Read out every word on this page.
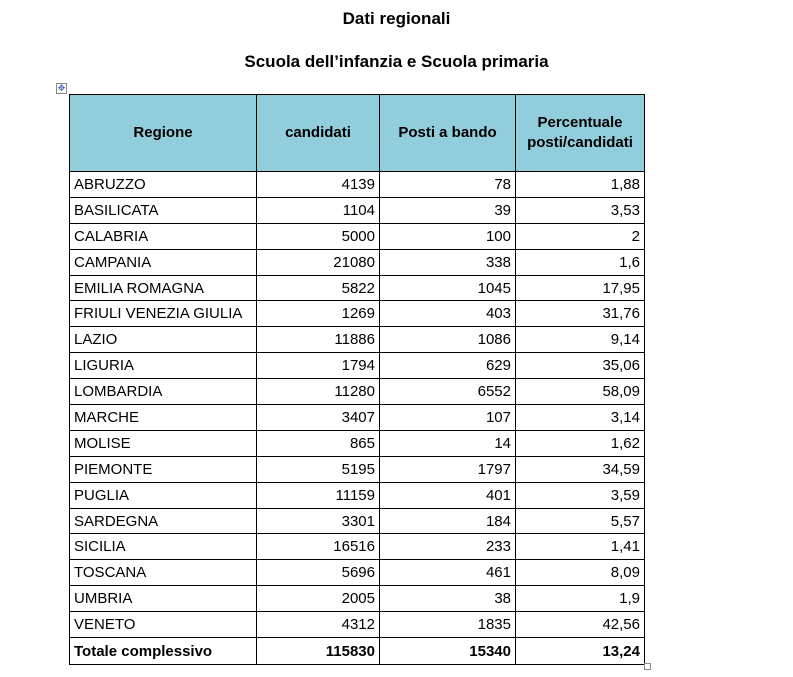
Dati regionali
Scuola dell’infanzia e Scuola primaria
✥
Regione	candidati	Posti a bando	Percentuale posti/candidati
ABRUZZO	4139	78	1,88
BASILICATA	1104	39	3,53
CALABRIA	5000	100	2
CAMPANIA	21080	338	1,6
EMILIA ROMAGNA	5822	1045	17,95
FRIULI VENEZIA GIULIA	1269	403	31,76
LAZIO	11886	1086	9,14
LIGURIA	1794	629	35,06
LOMBARDIA	11280	6552	58,09
MARCHE	3407	107	3,14
MOLISE	865	14	1,62
PIEMONTE	5195	1797	34,59
PUGLIA	11159	401	3,59
SARDEGNA	3301	184	5,57
SICILIA	16516	233	1,41
TOSCANA	5696	461	8,09
UMBRIA	2005	38	1,9
VENETO	4312	1835	42,56
Totale complessivo	115830	15340	13,24
